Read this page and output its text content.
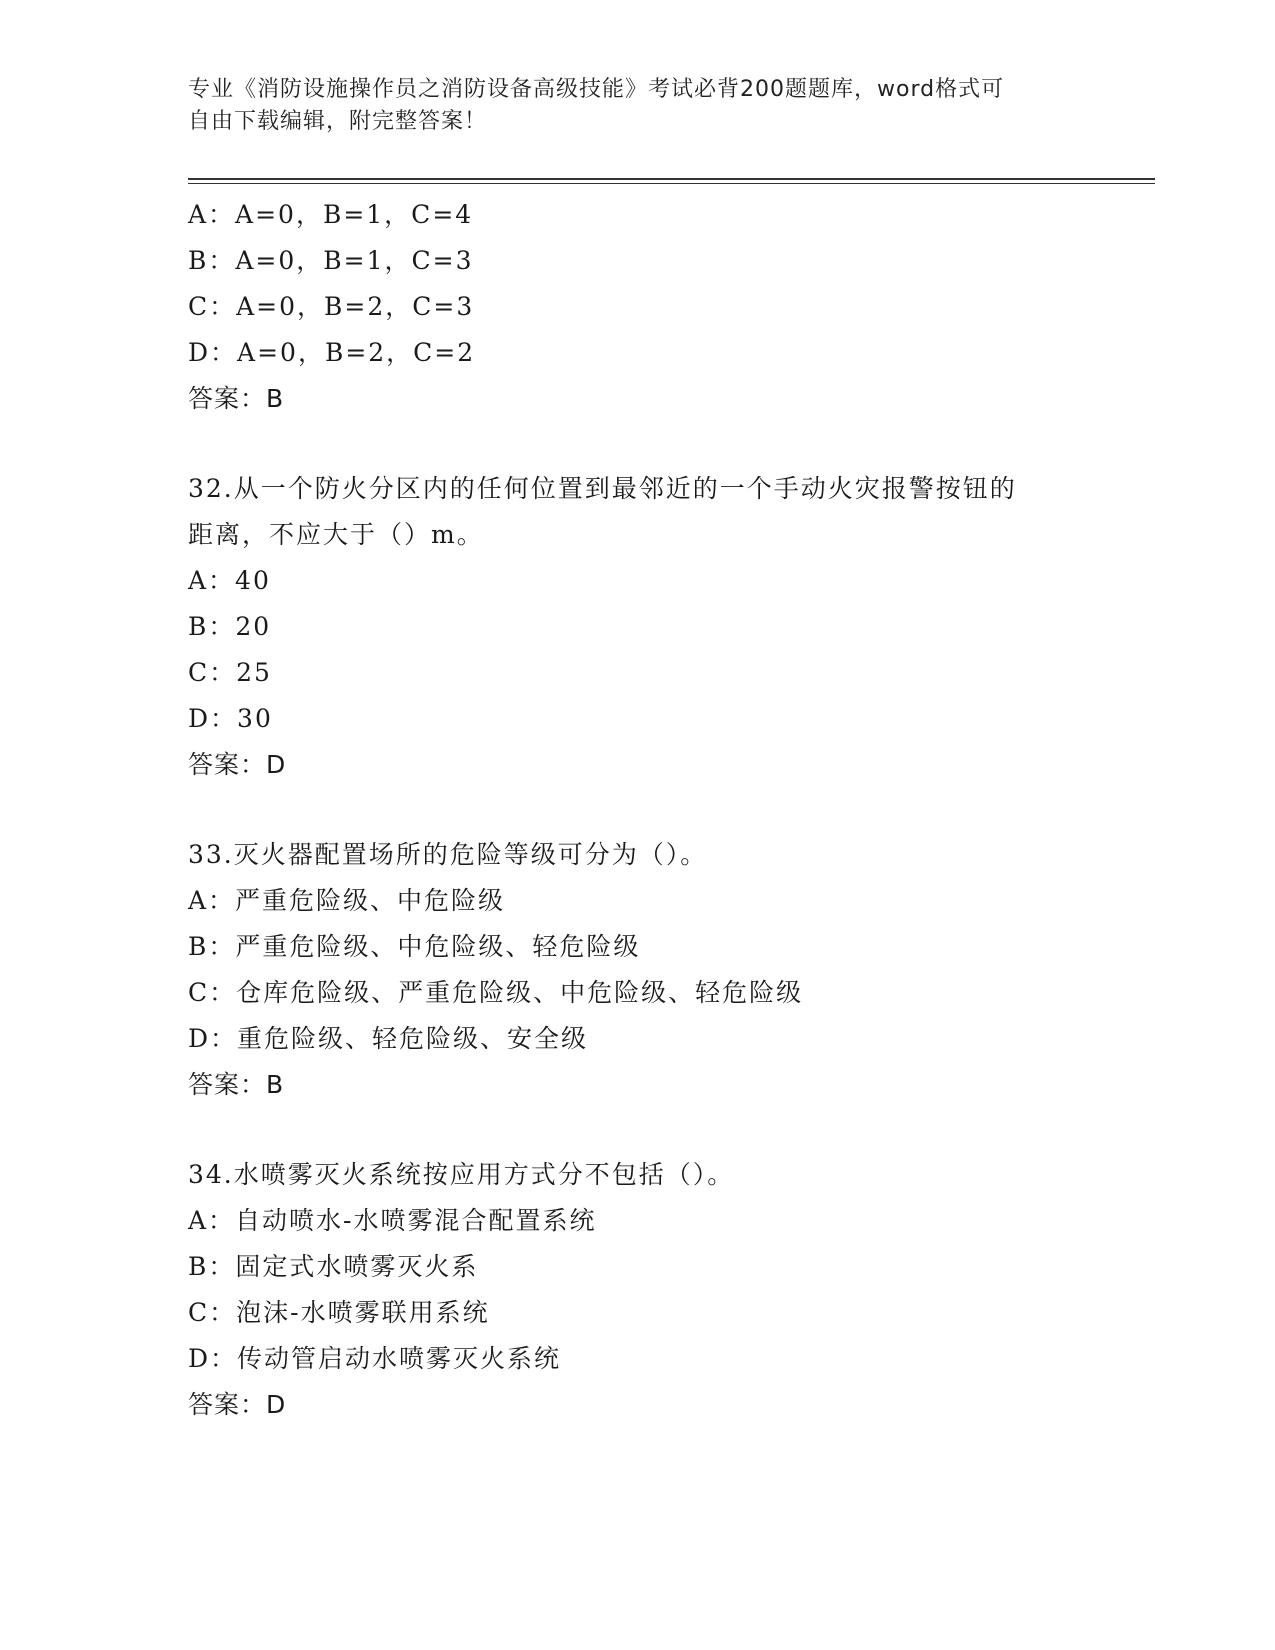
专业《消防设施操作员之消防设备高级技能》考试必背200题题库，word格式可
自由下载编辑，附完整答案！
A：A=0，B=1，C=4
B：A=0，B=1，C=3
C：A=0，B=2，C=3
D：A=0，B=2，C=2
答案：B
32.从一个防火分区内的任何位置到最邻近的一个手动火灾报警按钮的
距离，不应大于（）m。
A：40
B：20
C：25
D：30
答案：D
33.灭火器配置场所的危险等级可分为（）。
A：严重危险级、中危险级
B：严重危险级、中危险级、轻危险级
C：仓库危险级、严重危险级、中危险级、轻危险级
D：重危险级、轻危险级、安全级
答案：B
34.水喷雾灭火系统按应用方式分不包括（）。
A：自动喷水-水喷雾混合配置系统
B：固定式水喷雾灭火系
C：泡沫-水喷雾联用系统
D：传动管启动水喷雾灭火系统
答案：D
